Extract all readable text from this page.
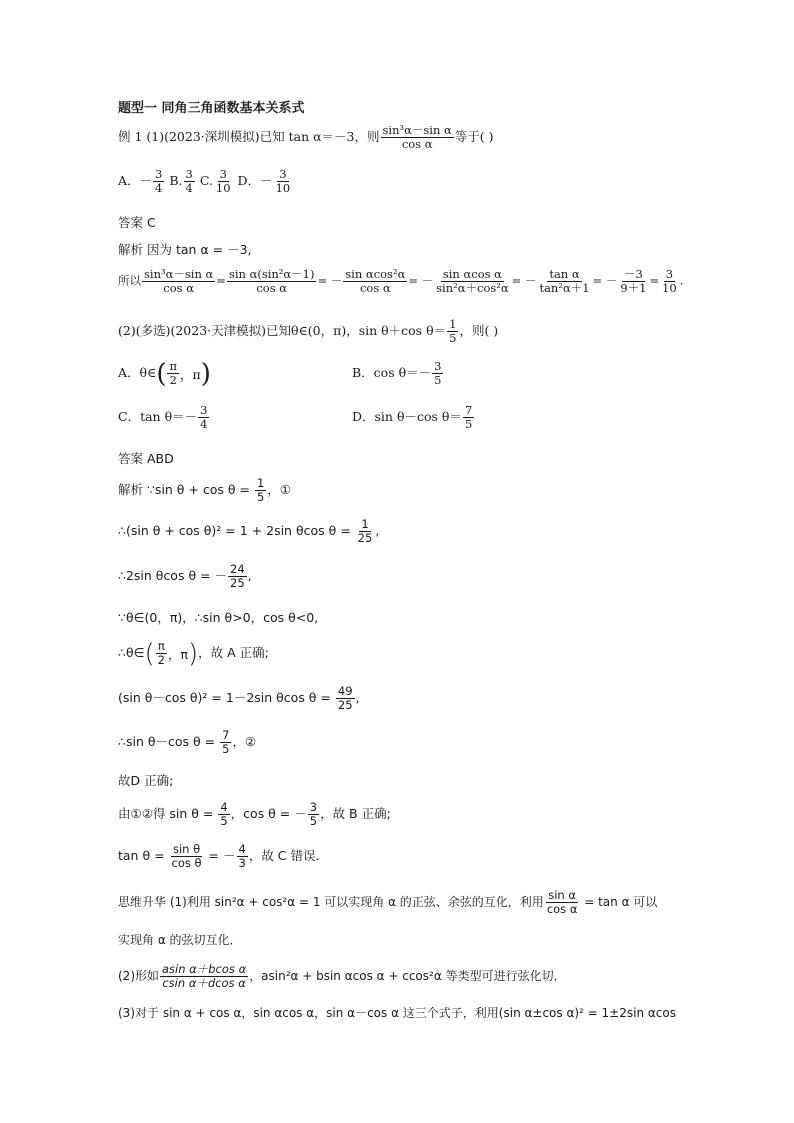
题型一 同角三角函数基本关系式
例 1 (1)(2023·深圳模拟)已知 tan α＝－3，则 $\frac{\text{sin³α－sin α}}{\text{cos α}}$ 等于( )
A．－ $\frac{3}{4} B$. $\frac{3}{4} C$. $\frac{3}{10}$ D．－ $\frac{3}{10}$
答案 C
解析 因为 tan α = －3,
所以 $\frac{\text{sin³α－sin α}}{\text{cos α}} = \frac{\text{sin α(sin²α－1)}}{\text{cos α}}$ = － $\frac{\text{sin αcos²α}}{\text{cos α}}$ = － $\frac{\text{sin αcos α}}{\text{sin²α＋cos²α}}$ = － $\frac{\text{tan α}}{\text{tan²α＋1}}$ = － $\frac{-3}{9+1} = \frac{3}{10}$ .
(2)(多选)(2023·天津模拟)已知θ∈(0，π)，sin θ＋cos $\theta= \frac{1}{5}$ ，则( )
A．θ∈ ( π
2 ，π )	B．$\cos \theta=- \frac{3}{5}$
C．$\tan \theta=- \frac{3}{4}$	D．sin θ－cos $\theta= \frac{7}{5}$
答案 ABD
解析 ∵sin $\theta + \cos \theta = \frac{1}{5}$ ，①
∴(sin θ + cos θ)² = 1 + 2sin θcos $\theta = \frac{1}{25}$ ,
∴2sin θcos θ = － $\frac{24}{25}$ ,
∵θ∈(0，π)，∴sin θ>0，cos θ<0,
∴θ∈ ( π
2 ，π ) ，故 A 正确;
(sin θ－cos θ)² = 1－2sin θcos $\theta = \frac{49}{25}$ ,
∴sin θ－cos $\theta = \frac{7}{5}$ ，②
故D 正确;
由①②得 $\sin \theta = \frac{4}{5}$ ，cos θ = － $\frac{3}{5}$ ，故 B 正确;
$\tan \theta = \frac{\text{sin θ}}{\text{cos θ}}$ = － $\frac{4}{3}$ ，故 C 错误．
思维升华 (1)利用 sin²α + cos²α = 1 可以实现角 α 的正弦、余弦的互化，利用 $\frac{\text{sin α}}{\text{cos α}} = \tan \alpha$ 可以
实现角 α 的弦切互化．
(2)形如 $\frac{\text{asin α＋bcos α}}{\text{csin α＋dcos α}}$ ，asin²α + bsin αcos α + ccos²α 等类型可进行弦化切．
(3)对于 sin α + cos α，sin αcos α，sin α－cos α 这三个式子，利用(sin α±cos α)² = 1±2sin αcos
